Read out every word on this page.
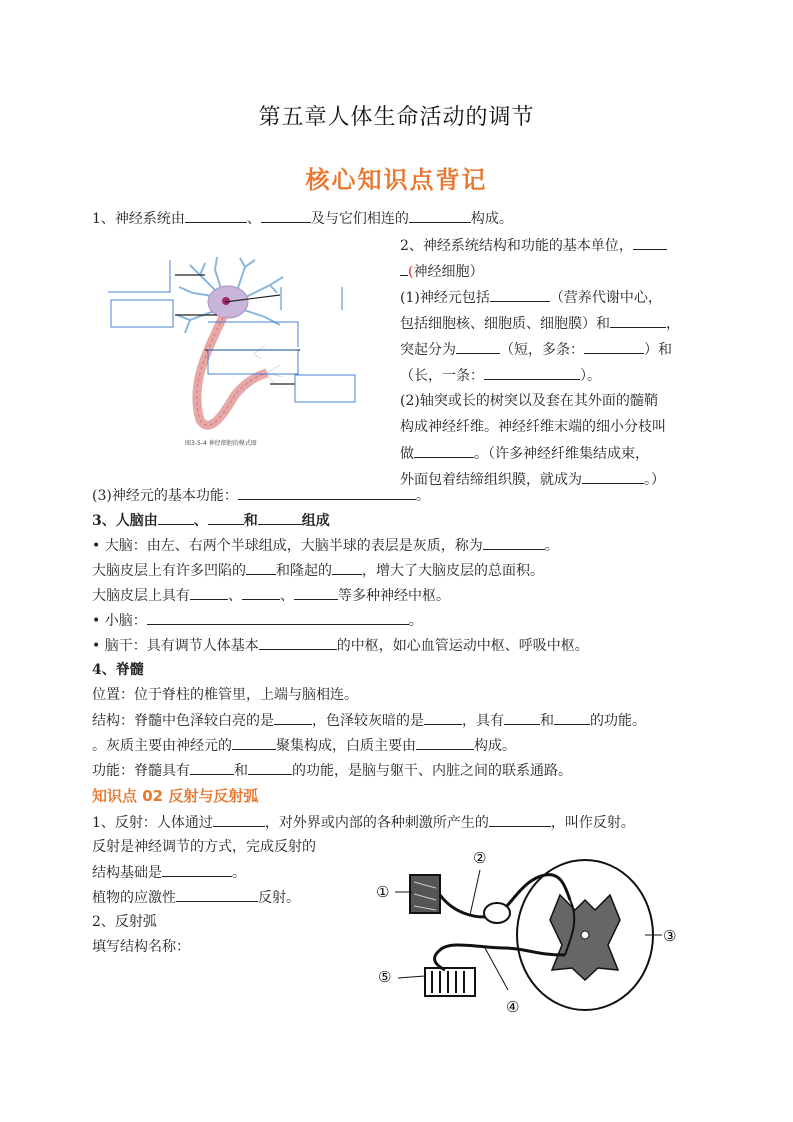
第五章人体生命活动的调节
核心知识点背记
1、神经系统由	、	及与它们相连的	构成。
2、神经系统结构和功能的基本单位，
(神经细胞）
(1)神经元包括	（营养代谢中心，
包括细胞核、细胞质、细胞膜）和	，
突起分为	（短，多条：	）和
（长，一条：	）。
(2)轴突或长的树突以及套在其外面的髓鞘
构成神经纤维。神经纤维末端的细小分枝叫
做	。（许多神经纤维集结成束，
外面包着结缔组织膜，就成为	。）
图3-5-4 神经细胞的模式图
(3)神经元的基本功能：	。
3、人脑由	、	和	组成
• 大脑：由左、右两个半球组成，大脑半球的表层是灰质，称为	。
大脑皮层上有许多凹陷的 和隆起的 ，增大了大脑皮层的总面积。
大脑皮层上具有	、	、	等多种神经中枢。
• 小脑：	。
• 脑干：具有调节人体基本	的中枢，如心血管运动中枢、呼吸中枢。
4、脊髓
位置：位于脊柱的椎管里，上端与脑相连。
结构：脊髓中色泽较白亮的是	，色泽较灰暗的是	，具有	和	的功能。
。灰质主要由神经元的	聚集构成，白质主要由	构成。
功能：脊髓具有	和	的功能，是脑与躯干、内脏之间的联系通路。
知识点 02 反射与反射弧
1、反射：人体通过	，对外界或内部的各种刺激所产生的	，叫作反射。
反射是神经调节的方式，完成反射的
结构基础是	。
植物的应激性	反射。
2、反射弧
填写结构名称：
①
②
③
④
⑤
